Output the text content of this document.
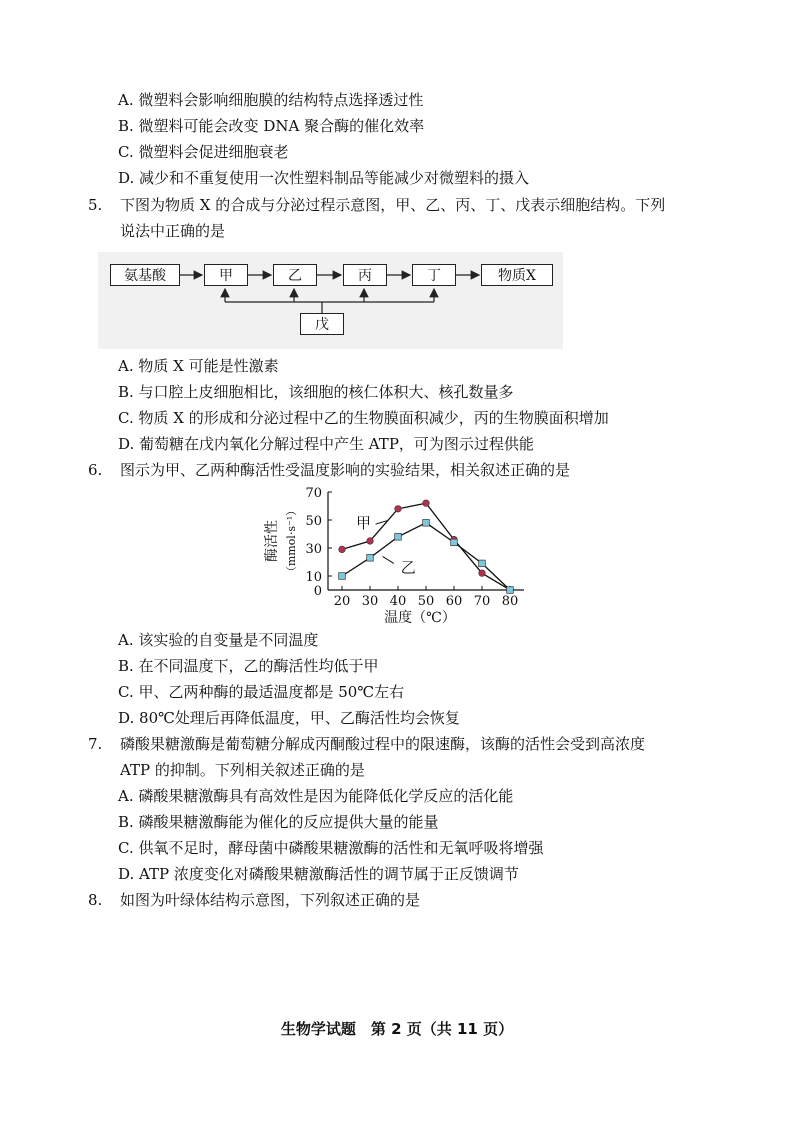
A. 微塑料会影响细胞膜的结构特点选择透过性
B. 微塑料可能会改变 DNA 聚合酶的催化效率
C. 微塑料会促进细胞衰老
D. 减少和不重复使用一次性塑料制品等能减少对微塑料的摄入
5. 下图为物质 X 的合成与分泌过程示意图，甲、乙、丙、丁、戊表示细胞结构。下列
说法中正确的是
氨基酸	甲	乙	丙	丁	物质X
戊
A. 物质 X 可能是性激素
B. 与口腔上皮细胞相比，该细胞的核仁体积大、核孔数量多
C. 物质 X 的形成和分泌过程中乙的生物膜面积减少，丙的生物膜面积增加
D. 葡萄糖在戊内氧化分解过程中产生 ATP，可为图示过程供能
6. 图示为甲、乙两种酶活性受温度影响的实验结果，相关叙述正确的是
0
10
30
50
70
20 30 40 50 60 70 80
温度（℃）
酶活性 （mmol·s⁻¹）	甲
乙
A. 该实验的自变量是不同温度
B. 在不同温度下，乙的酶活性均低于甲
C. 甲、乙两种酶的最适温度都是 50℃左右
D. 80℃处理后再降低温度，甲、乙酶活性均会恢复
7. 磷酸果糖激酶是葡萄糖分解成丙酮酸过程中的限速酶，该酶的活性会受到高浓度
ATP 的抑制。下列相关叙述正确的是
A. 磷酸果糖激酶具有高效性是因为能降低化学反应的活化能
B. 磷酸果糖激酶能为催化的反应提供大量的能量
C. 供氧不足时，酵母菌中磷酸果糖激酶的活性和无氧呼吸将增强
D. ATP 浓度变化对磷酸果糖激酶活性的调节属于正反馈调节
8. 如图为叶绿体结构示意图，下列叙述正确的是
生物学试题　第 2 页（共 11 页）
